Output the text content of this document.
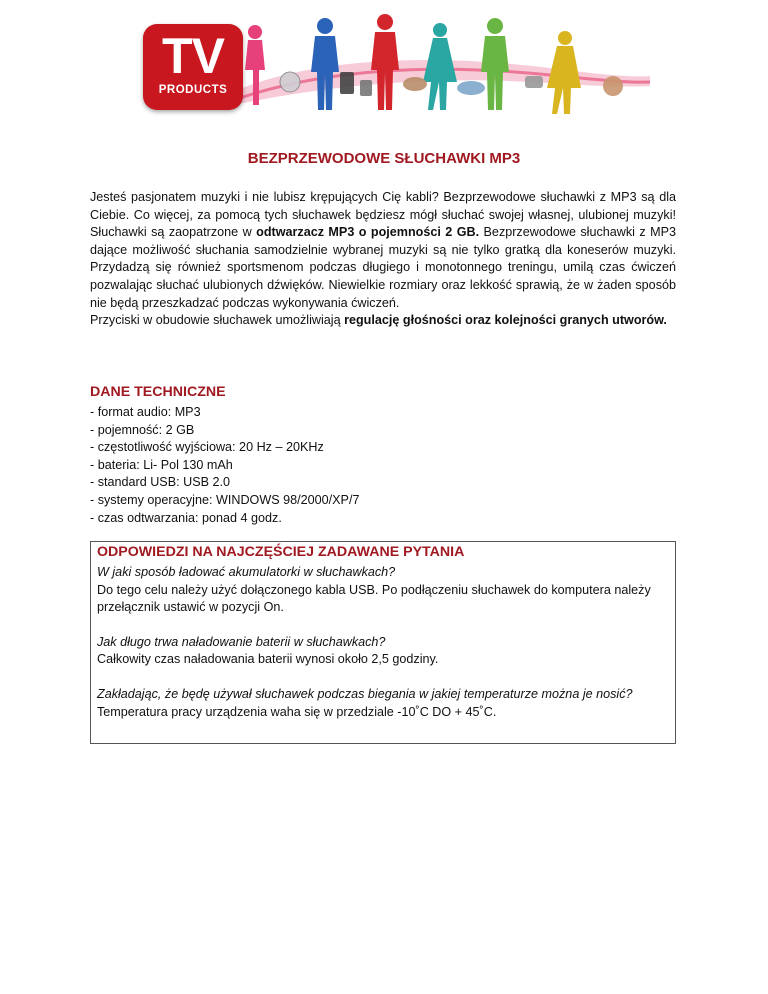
TV
PRODUCTS
BEZPRZEWODOWE SŁUCHAWKI MP3

Jesteś pasjonatem muzyki i nie lubisz krępujących Cię kabli? Bezprzewodowe słuchawki z MP3 są dla Ciebie. Co więcej, za pomocą tych słuchawek będziesz mógł słuchać swojej własnej, ulubionej muzyki! Słuchawki są zaopatrzone w odtwarzacz MP3 o pojemności 2 GB. Bezprzewodowe słuchawki z MP3 dające możliwość słuchania samodzielnie wybranej muzyki są nie tylko gratką dla koneserów muzyki. Przydadzą się również sportsmenom podczas długiego i monotonnego treningu, umilą czas ćwiczeń pozwalając słuchać ulubionych dźwięków. Niewielkie rozmiary oraz lekkość sprawią, że w żaden sposób nie będą przeszkadzać podczas wykonywania ćwiczeń.

Przyciski w obudowie słuchawek umożliwiają regulację głośności oraz kolejności granych utworów.

DANE TECHNICZNE
- format audio: MP3
- pojemność: 2 GB
- częstotliwość wyjściowa: 20 Hz – 20KHz
- bateria: Li- Pol 130 mAh
- standard USB: USB 2.0
- systemy operacyjne: WINDOWS 98/2000/XP/7
- czas odtwarzania: ponad 4 godz.
ODPOWIEDZI NA NAJCZĘŚCIEJ ZADAWANE PYTANIA
W jaki sposób ładować akumulatorki w słuchawkach?
Do tego celu należy użyć dołączonego kabla USB. Po podłączeniu słuchawek do komputera należy przełącznik ustawić w pozycji On.
Jak długo trwa naładowanie baterii w słuchawkach?
Całkowity czas naładowania baterii wynosi około 2,5 godziny.
Zakładając, że będę używał słuchawek podczas biegania w jakiej temperaturze można je nosić?
Temperatura pracy urządzenia waha się w przedziale -10˚C DO + 45˚C.
